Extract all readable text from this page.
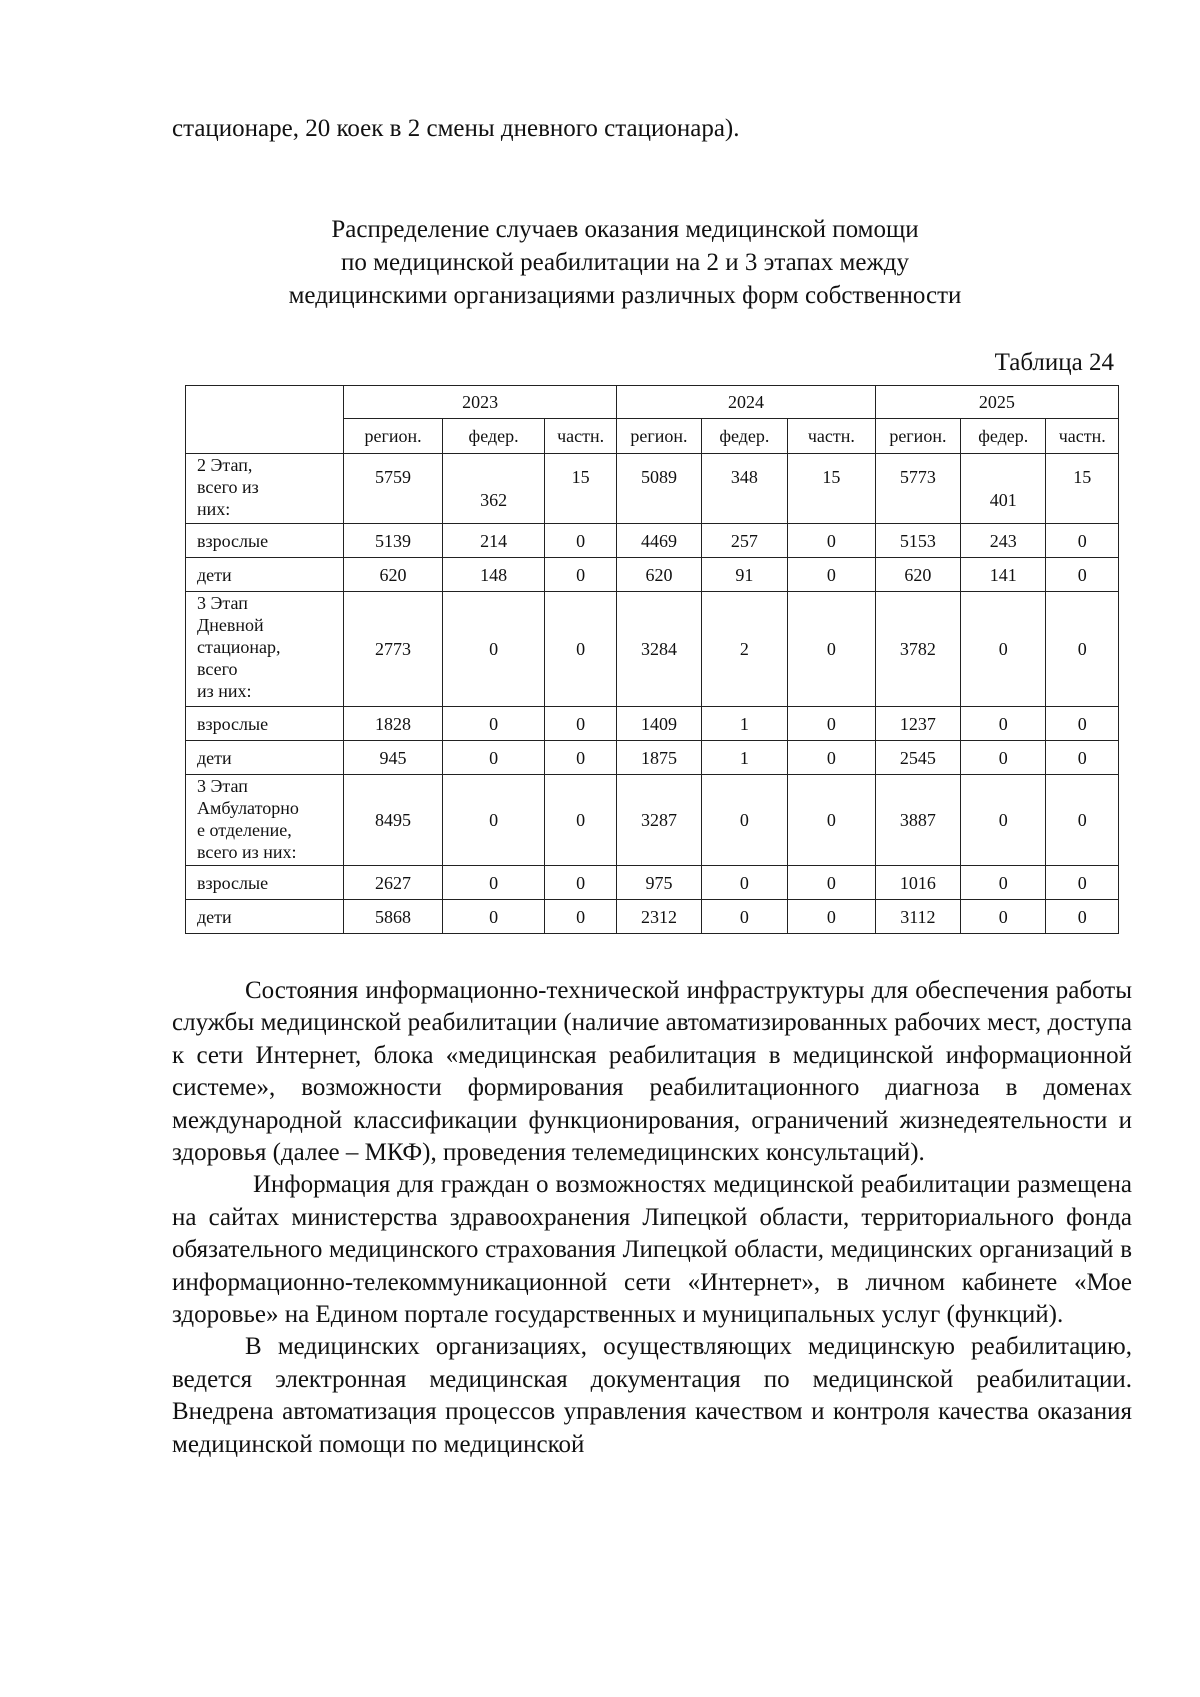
стационаре, 20 коек в 2 смены дневного стационара).

Распределение случаев оказания медицинской помощи
по медицинской реабилитации на 2 и 3 этапах между
медицинскими организациями различных форм собственности
Таблица 24
	2023			2024			2025		
	регион.	федер.	частн.	регион.	федер.	частн.	регион.	федер.	частн.
2 Этап,
всего из
них:	5759	362	15	5089	348	15	5773	401	15
взрослые	5139	214	0	4469	257	0	5153	243	0
дети	620	148	0	620	91	0	620	141	0
3 Этап
Дневной
стационар,
всего
из них:	2773	0	0	3284	2	0	3782	0	0
взрослые	1828	0	0	1409	1	0	1237	0	0
дети	945	0	0	1875	1	0	2545	0	0
3 Этап
Амбулаторно
е отделение,
всего из них:	8495	0	0	3287	0	0	3887	0	0
взрослые	2627	0	0	975	0	0	1016	0	0
дети	5868	0	0	2312	0	0	3112	0	0

Состояния информационно-технической инфраструктуры для обеспечения работы службы медицинской реабилитации (наличие автоматизированных рабочих мест, доступа к сети Интернет, блока «медицинская реабилитация в медицинской информационной системе», возможности формирования реабилитационного диагноза в доменах международной классификации функционирования, ограничений жизнедеятельности и здоровья (далее – МКФ), проведения телемедицинских консультаций).

Информация для граждан о возможностях медицинской реабилитации размещена на сайтах министерства здравоохранения Липецкой области, территориального фонда обязательного медицинского страхования Липецкой области, медицинских организаций в информационно-телекоммуникационной сети «Интернет», в личном кабинете «Мое здоровье» на Едином портале государственных и муниципальных услуг (функций).

В медицинских организациях, осуществляющих медицинскую реабилитацию, ведется электронная медицинская документация по медицинской реабилитации. Внедрена автоматизация процессов управления качеством и контроля качества оказания медицинской помощи по медицинской
